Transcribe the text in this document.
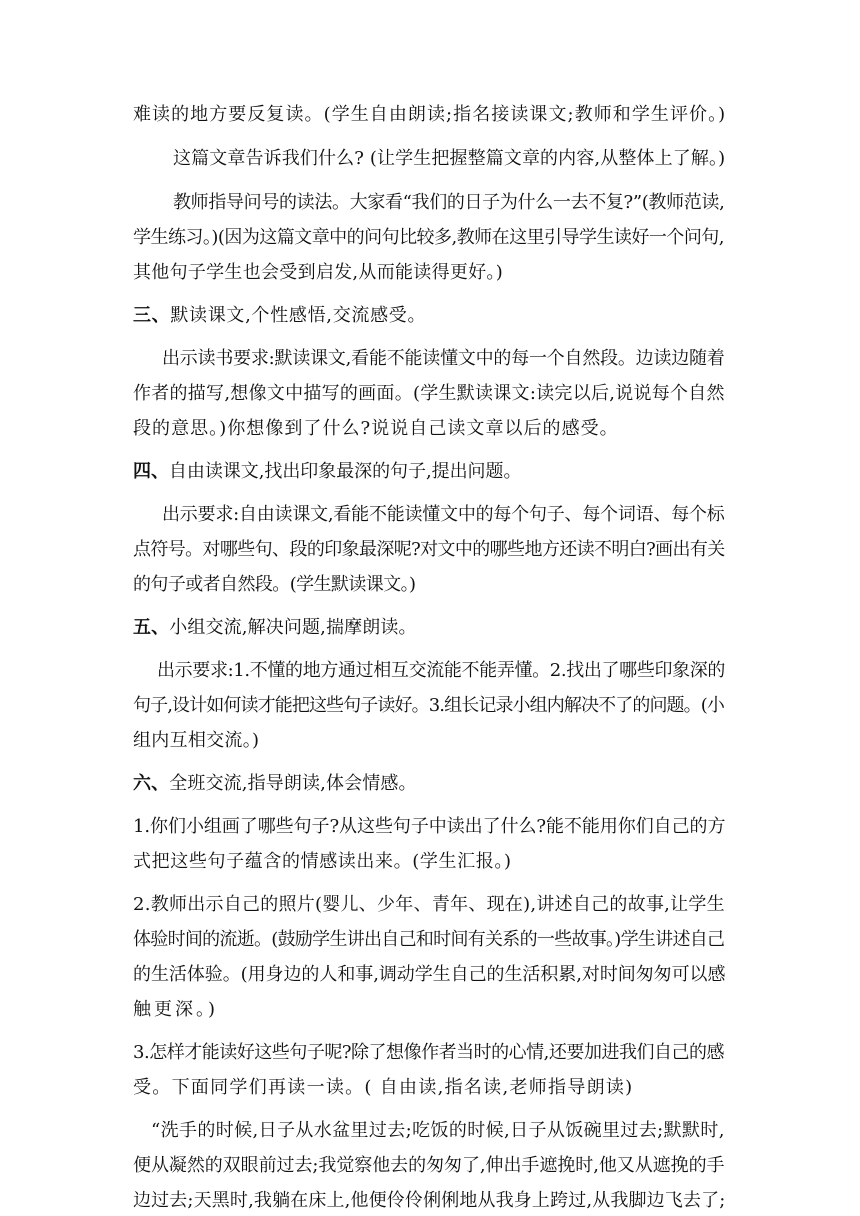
难读的地方要反复读。(学生自由朗读;指名接读课文;教师和学生评价。)
这篇文章告诉我们什么? (让学生把握整篇文章的内容,从整体上了解。)
教师指导问号的读法。大家看“我们的日子为什么一去不复?”(教师范读,
学生练习。)(因为这篇文章中的问句比较多,教师在这里引导学生读好一个问句,
其他句子学生也会受到启发,从而能读得更好。)
三、默读课文,个性感悟,交流感受。
出示读书要求:默读课文,看能不能读懂文中的每一个自然段。边读边随着
作者的描写,想像文中描写的画面。(学生默读课文:读完以后,说说每个自然
段的意思。)你想像到了什么?说说自己读文章以后的感受。
四、自由读课文,找出印象最深的句子,提出问题。
出示要求:自由读课文,看能不能读懂文中的每个句子、每个词语、每个标
点符号。对哪些句、段的印象最深呢?对文中的哪些地方还读不明白?画出有关
的句子或者自然段。(学生默读课文。)
五、小组交流,解决问题,揣摩朗读。
出示要求:1.不懂的地方通过相互交流能不能弄懂。2.找出了哪些印象深的
句子,设计如何读才能把这些句子读好。3.组长记录小组内解决不了的问题。(小
组内互相交流。)
六、全班交流,指导朗读,体会情感。
1.你们小组画了哪些句子?从这些句子中读出了什么?能不能用你们自己的方
式把这些句子蕴含的情感读出来。(学生汇报。)
2.教师出示自己的照片(婴儿、少年、青年、现在),讲述自己的故事,让学生
体验时间的流逝。(鼓励学生讲出自己和时间有关系的一些故事。)学生讲述自己
的生活体验。(用身边的人和事,调动学生自己的生活积累,对时间匆匆可以感
触更深。)
3.怎样才能读好这些句子呢?除了想像作者当时的心情,还要加进我们自己的感
受。下面同学们再读一读。( 自由读,指名读,老师指导朗读)
“洗手的时候,日子从水盆里过去;吃饭的时候,日子从饭碗里过去;默默时,
便从凝然的双眼前过去;我觉察他去的匆匆了,伸出手遮挽时,他又从遮挽的手
边过去;天黑时,我躺在床上,他便伶伶俐俐地从我身上跨过,从我脚边飞去了;
